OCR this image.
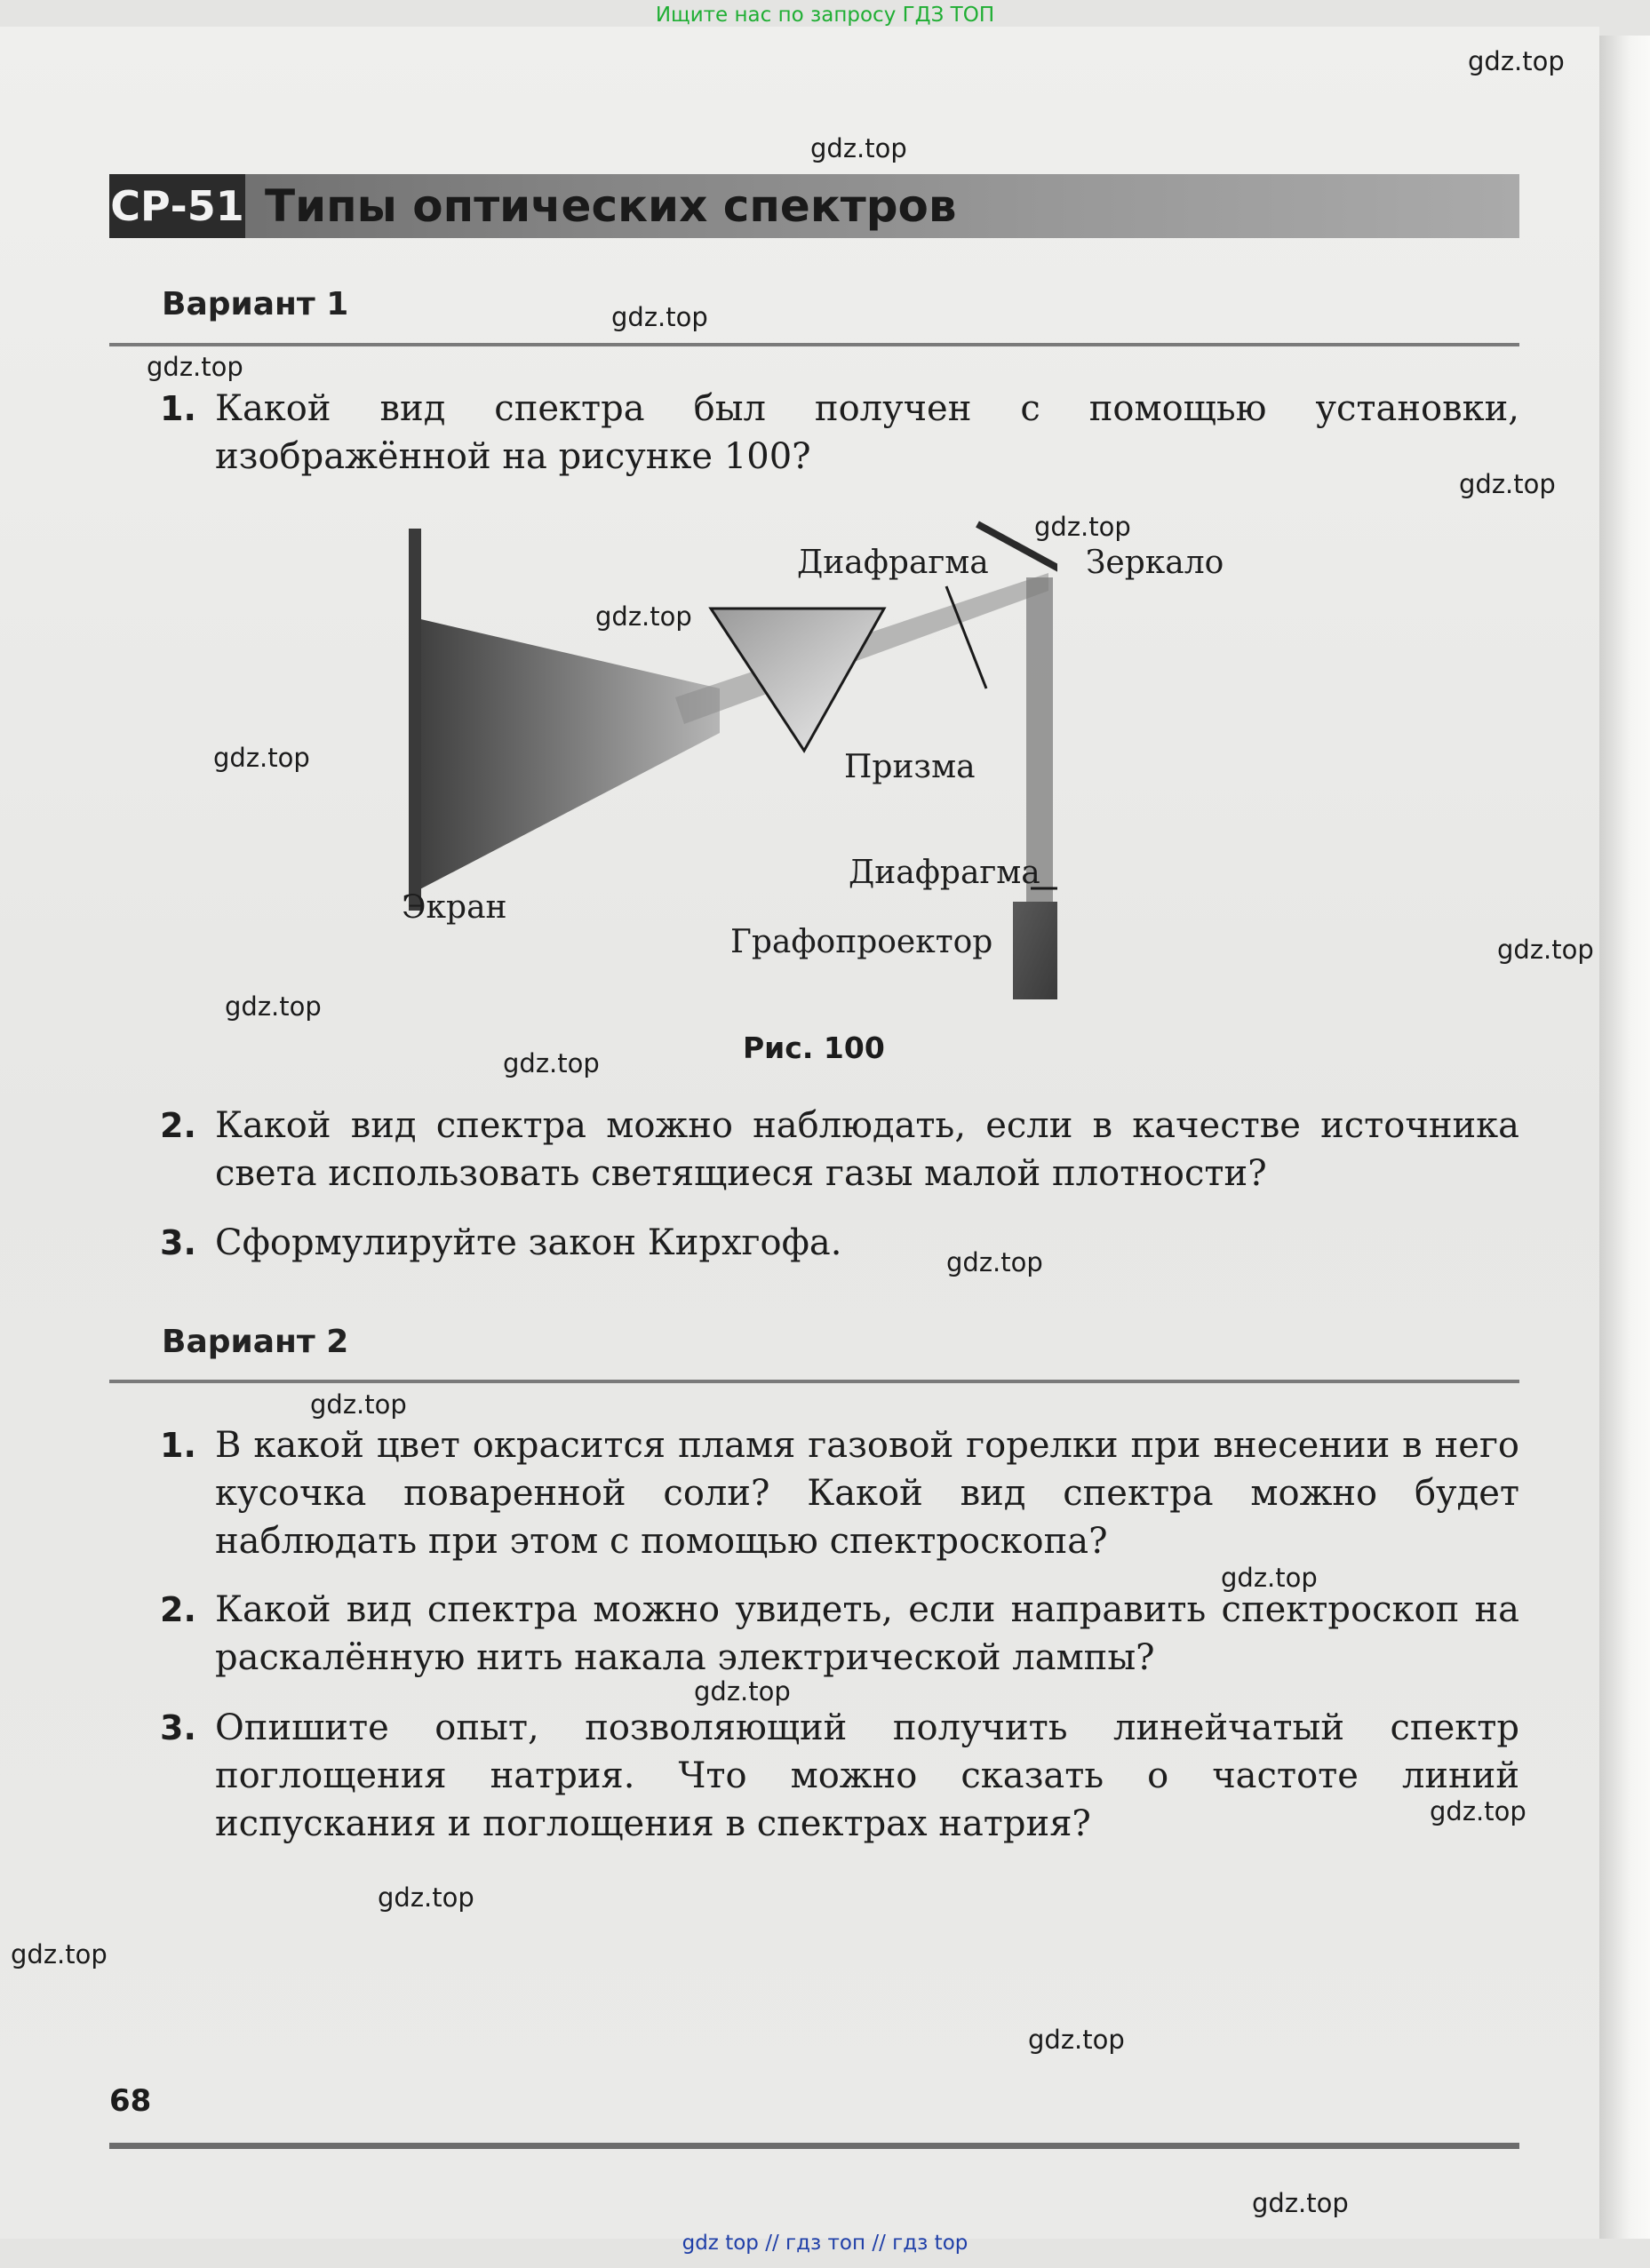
Ищите нас по запросу ГДЗ ТОП
СР-51 Типы оптических спектров
Вариант 1
1. Какой вид спектра был получен с помощью установки, изображённой на рисунке 100?
Диафрагма	Зеркало
Призма
Диафрагма
Экран
Графопроектор
Рис. 100
2. Какой вид спектра можно наблюдать, если в качестве источника света использовать светящиеся газы малой плотности?
3. Сформулируйте закон Кирхгофа.
Вариант 2
1. В какой цвет окрасится пламя газовой горелки при внесении в него кусочка поваренной соли? Какой вид спектра можно будет наблюдать при этом с помощью спектроскопа?
2. Какой вид спектра можно увидеть, если направить спектроскоп на раскалённую нить накала электрической лампы?
3. Опишите опыт, позволяющий получить линейчатый спектр поглощения натрия. Что можно сказать о частоте линий испускания и поглощения в спектрах натрия?
68
gdz top // гдз топ // гдз top
gdz.top
gdz.top
gdz.top
gdz.top
gdz.top
gdz.top
gdz.top
gdz.top
gdz.top
gdz.top
gdz.top
gdz.top
gdz.top
gdz.top
gdz.top
gdz.top
gdz.top
gdz.top
gdz.top
gdz.top
